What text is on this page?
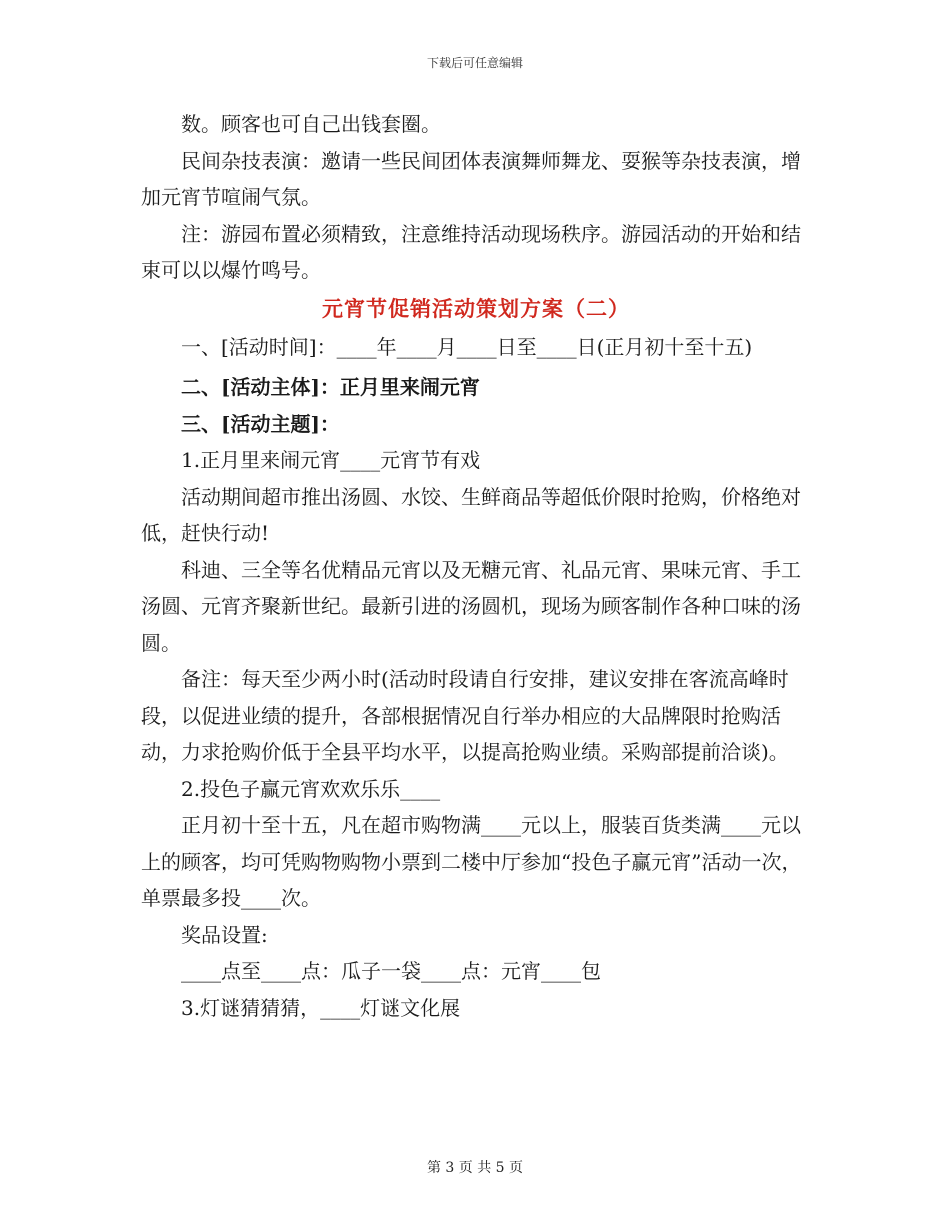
下载后可任意编辑

数。顾客也可自己出钱套圈。

民间杂技表演：邀请一些民间团体表演舞师舞龙、耍猴等杂技表演，增加元宵节喧闹气氛。

注：游园布置必须精致，注意维持活动现场秩序。游园活动的开始和结束可以以爆竹鸣号。

元宵节促销活动策划方案（二）

一、[活动时间]：____年____月____日至____日(正月初十至十五)

二、[活动主体]：正月里来闹元宵

三、[活动主题]：

1.正月里来闹元宵____元宵节有戏

活动期间超市推出汤圆、水饺、生鲜商品等超低价限时抢购，价格绝对低，赶快行动!

科迪、三全等名优精品元宵以及无糖元宵、礼品元宵、果味元宵、手工汤圆、元宵齐聚新世纪。最新引进的汤圆机，现场为顾客制作各种口味的汤圆。

备注：每天至少两小时(活动时段请自行安排，建议安排在客流高峰时段，以促进业绩的提升，各部根据情况自行举办相应的大品牌限时抢购活动，力求抢购价低于全县平均水平，以提高抢购业绩。采购部提前洽谈)。

2.投色子赢元宵欢欢乐乐____

正月初十至十五，凡在超市购物满____元以上，服装百货类满____元以上的顾客，均可凭购物购物小票到二楼中厅参加“投色子赢元宵”活动一次，单票最多投____次。

奖品设置:

____点至____点：瓜子一袋____点：元宵____包

3.灯谜猜猜猜，____灯谜文化展

第 3 页 共 5 页
